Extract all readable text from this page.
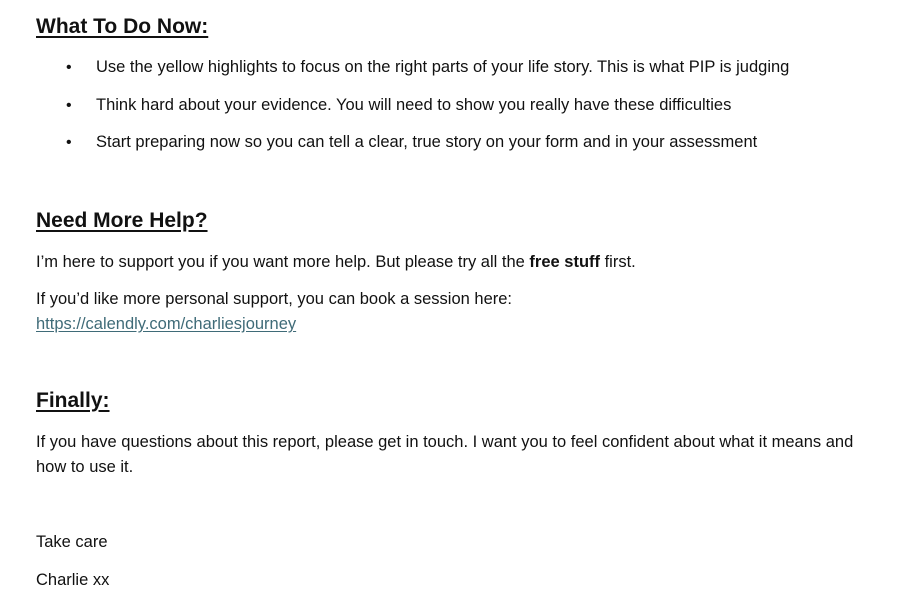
What To Do Now:
• Use the yellow highlights to focus on the right parts of your life story. This is what PIP is judging
• Think hard about your evidence. You will need to show you really have these difficulties
• Start preparing now so you can tell a clear, true story on your form and in your assessment
Need More Help?

I’m here to support you if you want more help. But please try all the free stuff first.

If you’d like more personal support, you can book a session here:

https://calendly.com/charliesjourney

Finally:

If you have questions about this report, please get in touch. I want you to feel confident about what it means and how to use it.

Take care

Charlie xx
